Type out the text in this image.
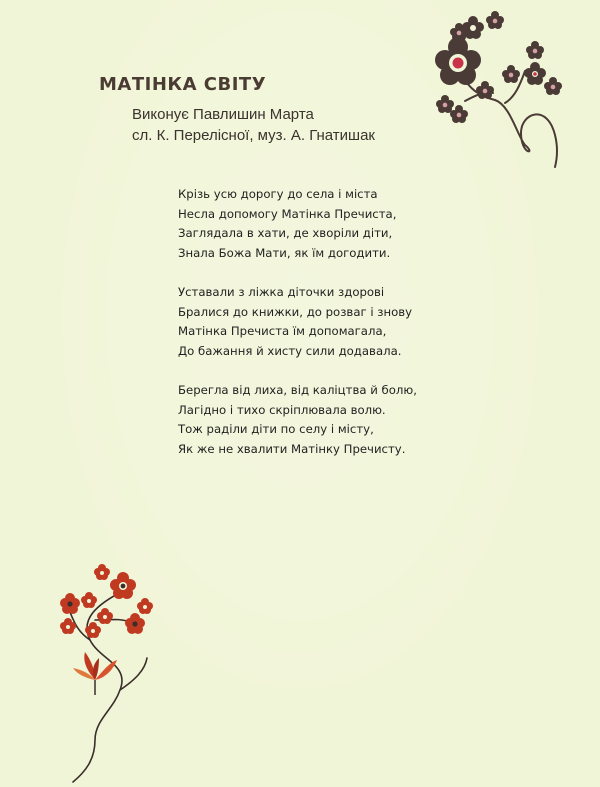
МАТІНКА СВІТУ
Виконує Павлишин Марта
сл. К. Перелісної, муз. А. Гнатишак
Крізь усю дорогу до села і міста
Несла допомогу Матінка Пречиста,
Заглядала в хати, де хворіли діти,
Знала Божа Мати, як їм догодити.
Уставали з ліжка діточки здорові
Бралися до книжки, до розваг і знову
Матінка Пречиста їм допомагала,
До бажання й хисту сили додавала.
Берегла від лиха, від каліцтва й болю,
Лагідно і тихо скріплювала волю.
Тож раділи діти по селу і місту,
Як же не хвалити Матінку Пречисту.
